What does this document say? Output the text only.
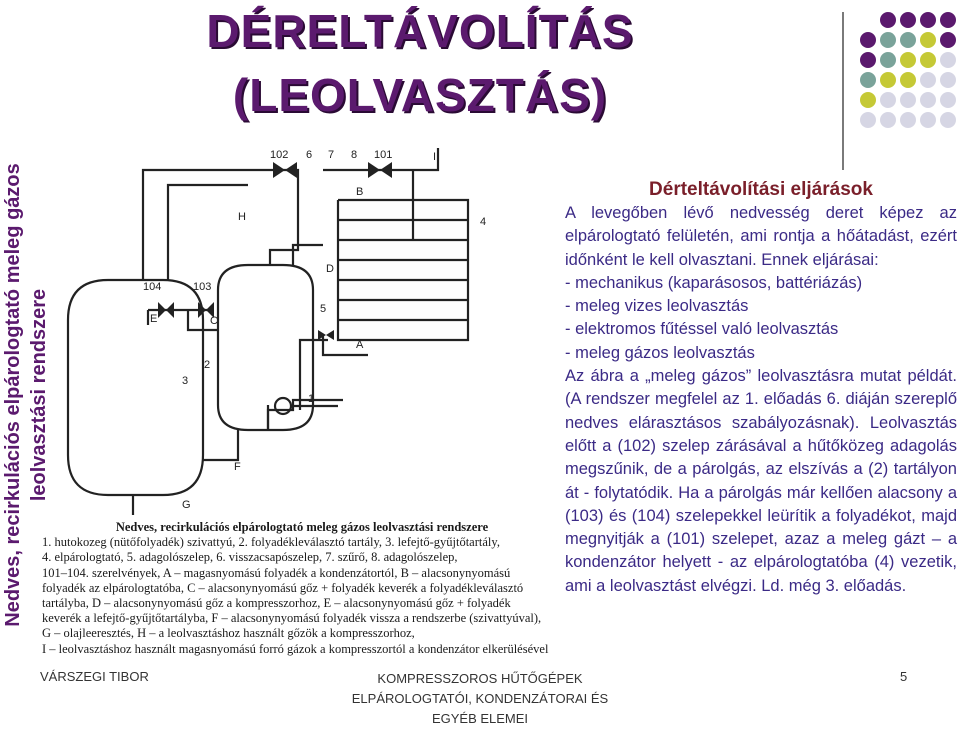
DÉRELTÁVOLÍTÁS
(LEOLVASZTÁS)
Nedves, recirkulációs elpárologtató meleg gázos leolvasztási rendszere
102 6 7 8 101	I
B
H	4
D
104	103
E	C
5
A
2
3
1
F
G
Nedves, recirkulációs elpárologtató meleg gázos leolvasztási rendszere
1. hutokozeg (nütőfolyadék) szivattyú, 2. folyadékleválasztó tartály, 3. lefejtő-gyűjtőtartály,
4. elpárologtató, 5. adagolószelep, 6. visszacsapószelep, 7. szűrő, 8. adagolószelep,
101–104. szerelvények, A – magasnyomású folyadék a kondenzátortól, B – alacsonynyomású
folyadék az elpárologtatóba, C – alacsonynyomású gőz + folyadék keverék a folyadékleválasztó
tartályba, D – alacsonynyomású gőz a kompresszorhoz, E – alacsonynyomású gőz + folyadék
keverék a lefejtő-gyűjtőtartályba, F – alacsonynyomású folyadék vissza a rendszerbe (szivattyúval),
G – olajleeresztés, H – a leolvasztáshoz használt gőzök a kompresszorhoz,
I – leolvasztáshoz használt magasnyomású forró gázok a kompresszortól a kondenzátor elkerülésével
Dérteltávolítási eljárások

A levegőben lévő nedvesség deret képez az elpárologtató felületén, ami rontja a hőátadást, ezért időnként le kell olvasztani. Ennek eljárásai:

- mechanikus (kaparásosos, battériázás)

- meleg vizes leolvasztás

- elektromos fűtéssel való leolvasztás

- meleg gázos leolvasztás

Az ábra a „meleg gázos” leolvasztásra mutat példát. (A rendszer megfelel az 1. előadás 6. diáján szereplő nedves elárasztásos szabályozásnak). Leolvasztás előtt a (102) szelep zárásával a hűtőközeg adagolás megszűnik, de a párolgás, az elszívás a (2) tartályon át - folytatódik. Ha a párolgás már kellően alacsony a (103) és (104) szelepekkel leürítik a folyadékot, majd megnyitják a (101) szelepet, azaz a meleg gázt – a kondenzátor helyett - az elpárologtatóba (4) vezetik, ami a leolvasztást elvégzi. Ld. még 3. előadás.

VÁRSZEGI TIBOR	KOMPRESSZOROS HŰTŐGÉPEK
ELPÁROLOGTATÓI, KONDENZÁTORAI ÉS
EGYÉB ELEMEI
5
